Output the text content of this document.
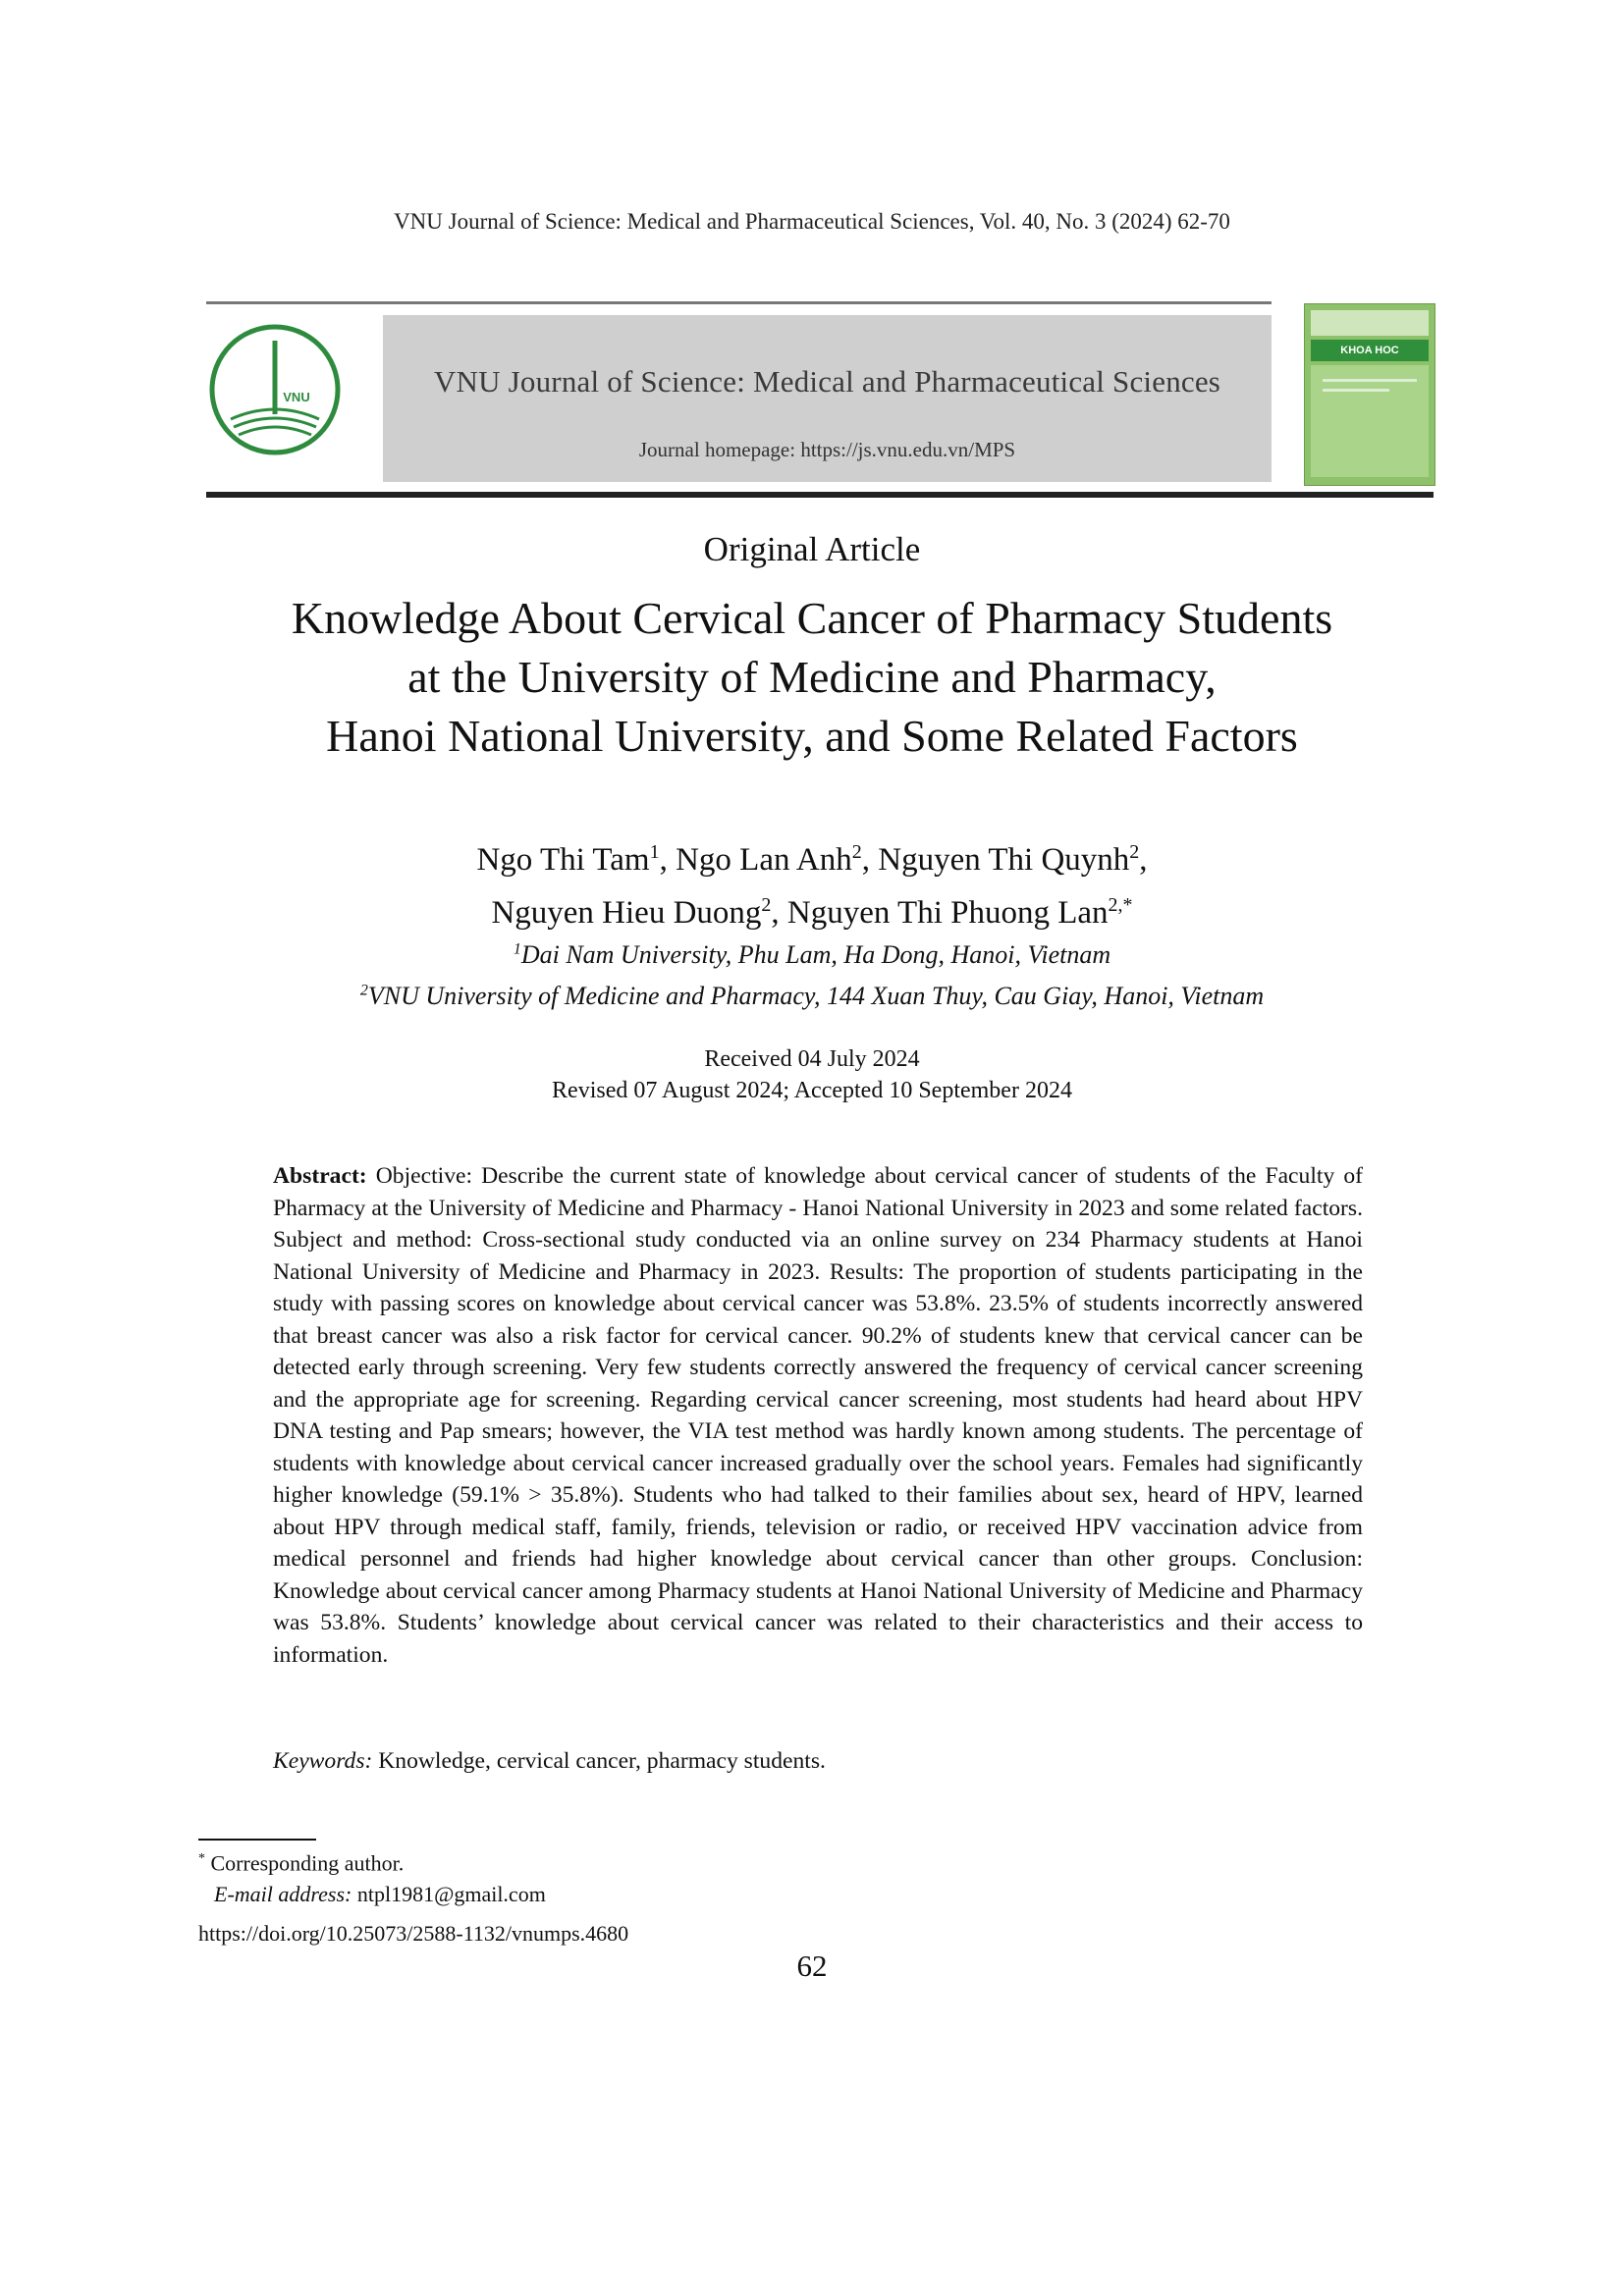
VNU Journal of Science: Medical and Pharmaceutical Sciences, Vol. 40, No. 3 (2024) 62-70
VNU	VNU Journal of Science: Medical and Pharmaceutical Sciences
Journal homepage: https://js.vnu.edu.vn/MPS
KHOA HOC
Original Article
Knowledge About Cervical Cancer of Pharmacy Students
at the University of Medicine and Pharmacy,
Hanoi National University, and Some Related Factors
Ngo Thi Tam$^1$, Ngo Lan Anh$^2$, Nguyen Thi Quynh$^2$,
Nguyen Hieu Duong$^2$, Nguyen Thi Phuong Lan$^{2,*}$
$^1$Dai Nam University, Phu Lam, Ha Dong, Hanoi, Vietnam
$^2$VNU University of Medicine and Pharmacy, 144 Xuan Thuy, Cau Giay, Hanoi, Vietnam
Received 04 July 2024
Revised 07 August 2024; Accepted 10 September 2024
Abstract: Objective: Describe the current state of knowledge about cervical cancer of students of the Faculty of Pharmacy at the University of Medicine and Pharmacy - Hanoi National University in 2023 and some related factors. Subject and method: Cross-sectional study conducted via an online survey on 234 Pharmacy students at Hanoi National University of Medicine and Pharmacy in 2023. Results: The proportion of students participating in the study with passing scores on knowledge about cervical cancer was 53.8%. 23.5% of students incorrectly answered that breast cancer was also a risk factor for cervical cancer. 90.2% of students knew that cervical cancer can be detected early through screening. Very few students correctly answered the frequency of cervical cancer screening and the appropriate age for screening. Regarding cervical cancer screening, most students had heard about HPV DNA testing and Pap smears; however, the VIA test method was hardly known among students. The percentage of students with knowledge about cervical cancer increased gradually over the school years. Females had significantly higher knowledge (59.1% > 35.8%). Students who had talked to their families about sex, heard of HPV, learned about HPV through medical staff, family, friends, television or radio, or received HPV vaccination advice from medical personnel and friends had higher knowledge about cervical cancer than other groups. Conclusion: Knowledge about cervical cancer among Pharmacy students at Hanoi National University of Medicine and Pharmacy was 53.8%. Students’ knowledge about cervical cancer was related to their characteristics and their access to information.
Keywords: Knowledge, cervical cancer, pharmacy students.
* Corresponding author.
E-mail address: ntpl1981@gmail.com
https://doi.org/10.25073/2588-1132/vnumps.4680
62
